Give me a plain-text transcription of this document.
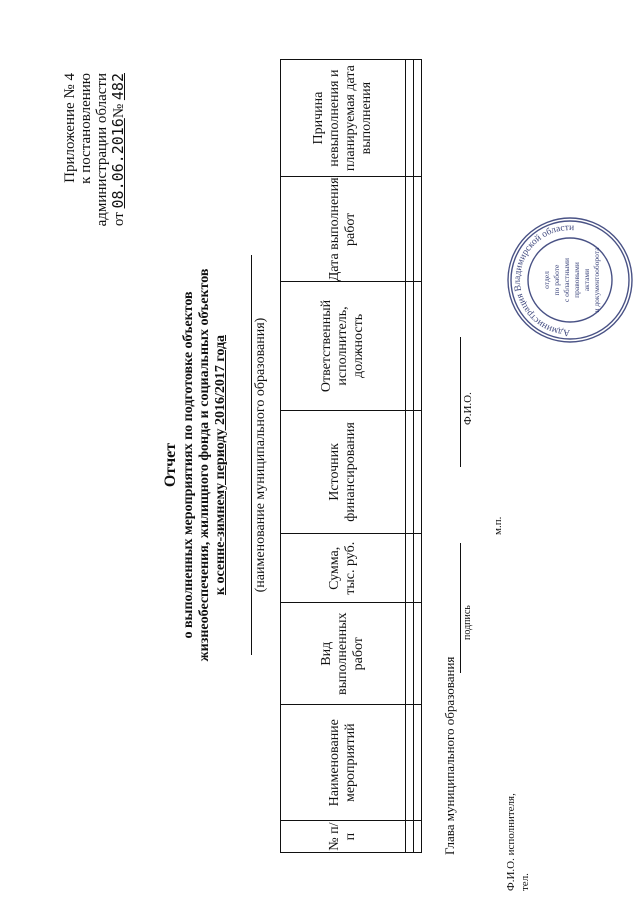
Приложение № 4 к постановлению администрации области от 08.06.2016№ 482
Отчет о выполненных мероприятиях по подготовке объектов жизнеобеспечения, жилищного фонда и социальных объектов к осенне-зимнему периоду 2016/2017 года (наименование муниципального образования)
№ п/п	Наименование мероприятий	Вид выполненных работ	Сумма, тыс. руб.	Источник финансирования	Ответственный исполнитель, должность	Дата выполнения работ	Причина невыполнения и планируемая дата выполнения

Глава муниципального образования
подпись
Ф.И.О.
м.п.
Ф.И.О. исполнителя, тел.
Администрация Владимирской области
отдел по работе с областными правовыми актами и документооборота
